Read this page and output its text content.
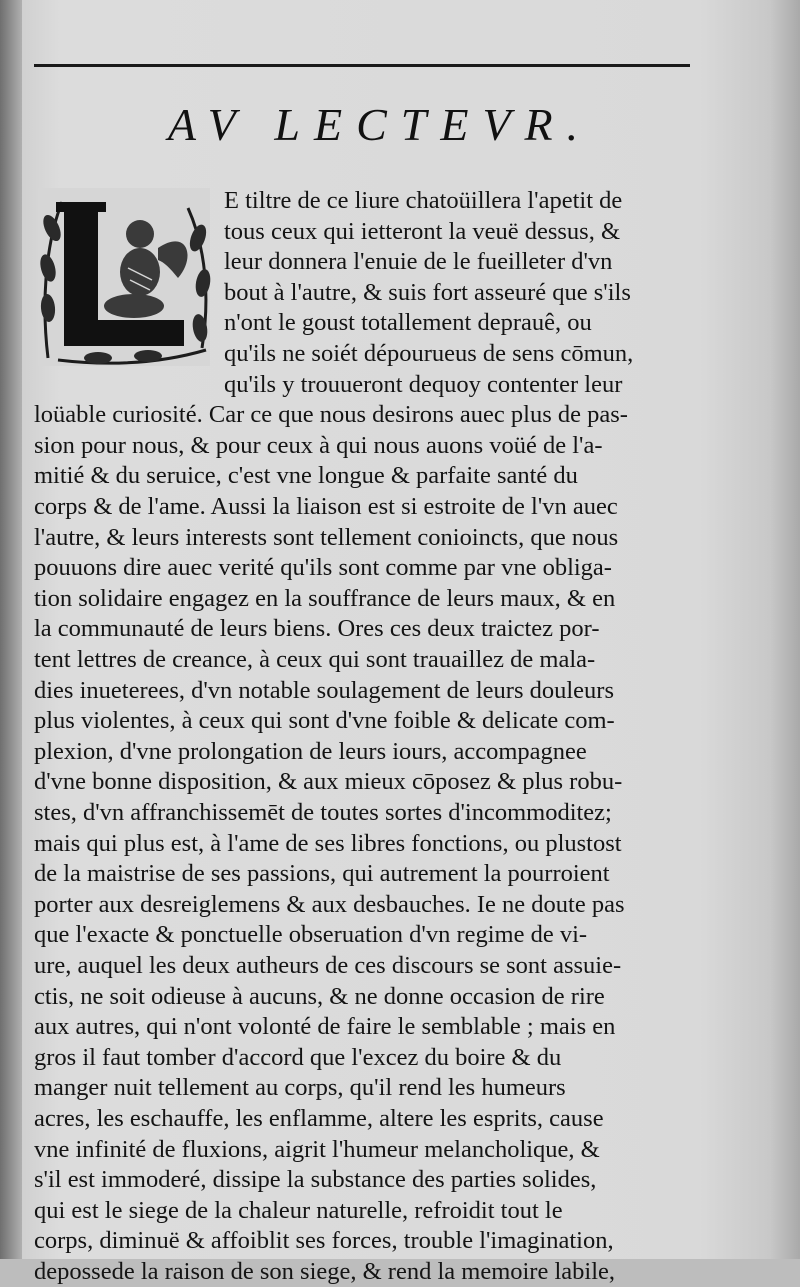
AV LECTEVR.
E tiltre de ce liure chatoüillera l'apetit de
tous ceux qui ietteront la veuë dessus, &
leur donnera l'enuie de le fueilleter d'vn
bout à l'autre, & suis fort asseuré que s'ils
n'ont le goust totallement deprauê, ou
qu'ils ne soiét dépourueus de sens cōmun,
qu'ils y trouueront dequoy contenter leur
loüable curiosité. Car ce que nous desirons auec plus de pas-
sion pour nous, & pour ceux à qui nous auons voüé de l'a-
mitié & du seruice, c'est vne longue & parfaite santé du
corps & de l'ame. Aussi la liaison est si estroite de l'vn auec
l'autre, & leurs interests sont tellement conioincts, que nous
pouuons dire auec verité qu'ils sont comme par vne obliga-
tion solidaire engagez en la souffrance de leurs maux, & en
la communauté de leurs biens. Ores ces deux traictez por-
tent lettres de creance, à ceux qui sont trauaillez de mala-
dies inueterees, d'vn notable soulagement de leurs douleurs
plus violentes, à ceux qui sont d'vne foible & delicate com-
plexion, d'vne prolongation de leurs iours, accompagnee
d'vne bonne disposition, & aux mieux cōposez & plus robu-
stes, d'vn affranchissemēt de toutes sortes d'incommoditez;
mais qui plus est, à l'ame de ses libres fonctions, ou plustost
de la maistrise de ses passions, qui autrement la pourroient
porter aux desreiglemens & aux desbauches. Ie ne doute pas
que l'exacte & ponctuelle obseruation d'vn regime de vi-
ure, auquel les deux autheurs de ces discours se sont assuie-
ctis, ne soit odieuse à aucuns, & ne donne occasion de rire
aux autres, qui n'ont volonté de faire le semblable ; mais en
gros il faut tomber d'accord que l'excez du boire & du
manger nuit tellement au corps, qu'il rend les humeurs
acres, les eschauffe, les enflamme, altere les esprits, cause
vne infinité de fluxions, aigrit l'humeur melancholique, &
s'il est immoderé, dissipe la substance des parties solides,
qui est le siege de la chaleur naturelle, refroidit tout le
corps, diminuë & affoiblit ses forces, trouble l'imagination,
depossede la raison de son siege, & rend la memoire labile,
